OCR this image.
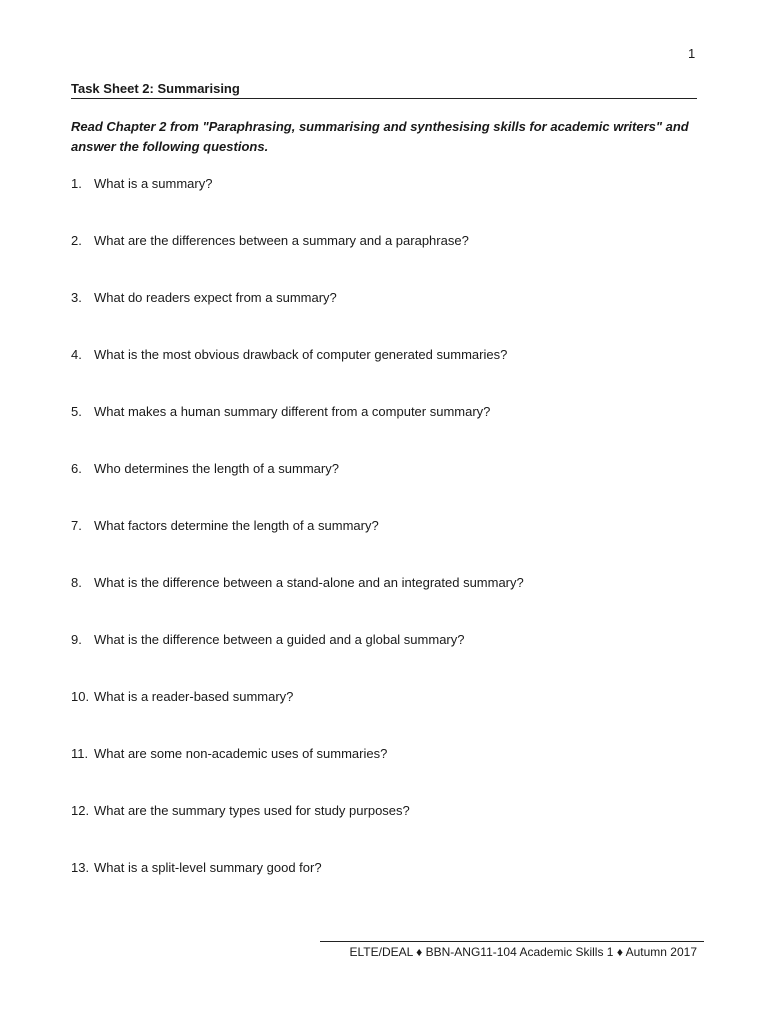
1
Task Sheet 2: Summarising
Read Chapter 2 from "Paraphrasing, summarising and synthesising skills for academic writers" and answer the following questions.
1. What is a summary?
2. What are the differences between a summary and a paraphrase?
3. What do readers expect from a summary?
4. What is the most obvious drawback of computer generated summaries?
5. What makes a human summary different from a computer summary?
6. Who determines the length of a summary?
7. What factors determine the length of a summary?
8. What is the difference between a stand-alone and an integrated summary?
9. What is the difference between a guided and a global summary?
10. What is a reader-based summary?
11. What are some non-academic uses of summaries?
12. What are the summary types used for study purposes?
13. What is a split-level summary good for?
ELTE/DEAL ♦ BBN-ANG11-104 Academic Skills 1 ♦ Autumn 2017
